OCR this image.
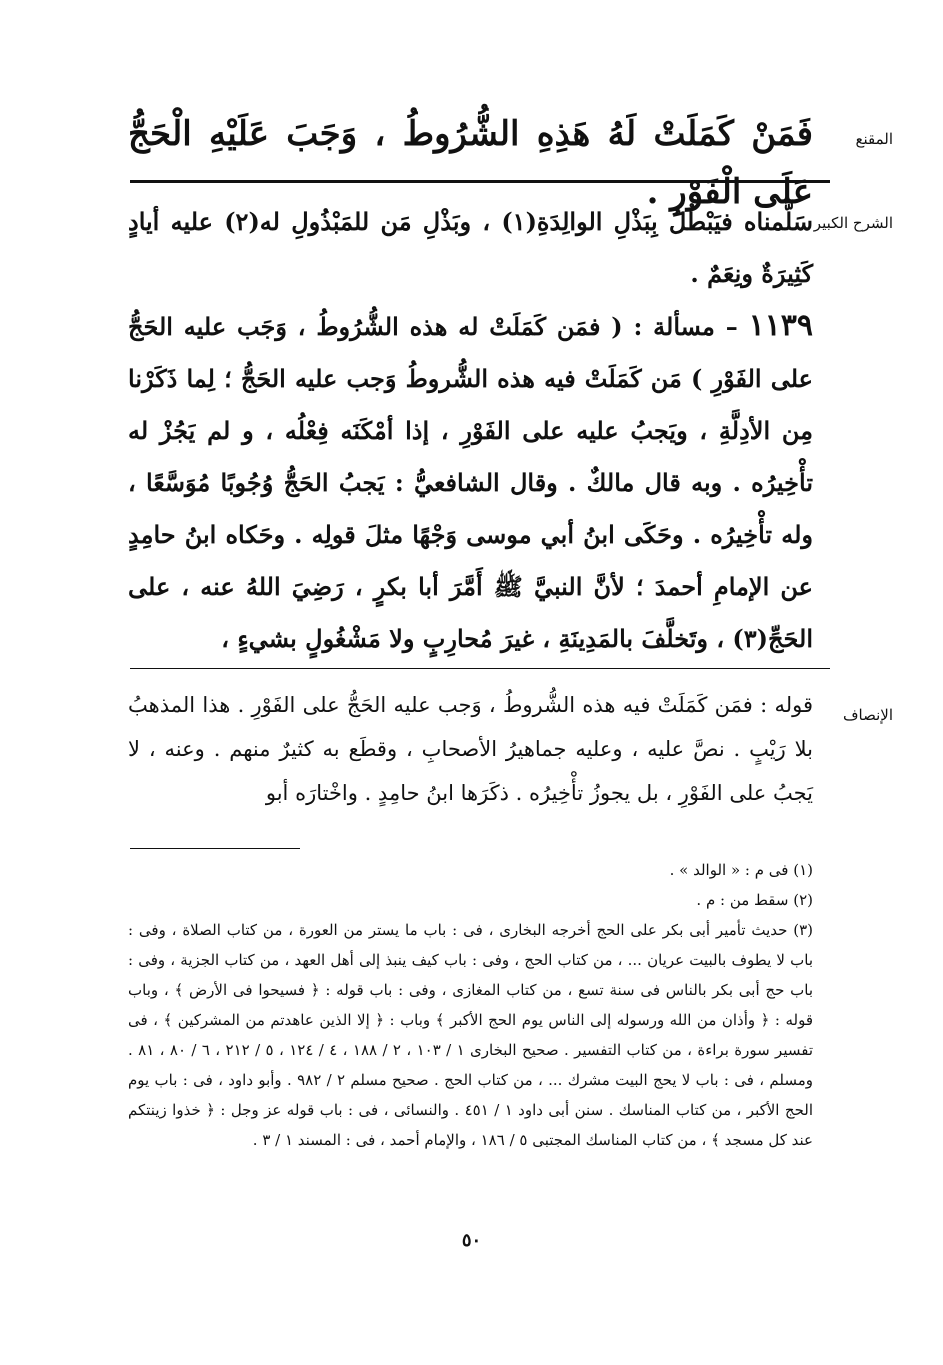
المقنع

فَمَنْ كَمَلَتْ لَهُ هَذِهِ الشُّرُوطُ ، وَجَبَ عَلَيْهِ الْحَجُّ عَلَى الْفَوْرِ .

الشرح الكبير

سَلَّمناه فيَبْطُلُ بِبَذْلِ الوالِدَةِ(١) ، وبَذْلِ مَن للمَبْذُولِ له(٢) عليه أيادٍ كَثِيرَةٌ ونِعَمٌ .

١١٣٩ – مسألة : ( فمَن كَمَلَتْ له هذه الشُّرُوطُ ، وَجَب عليه الحَجُّ على الفَوْرِ ) مَن كَمَلَتْ فيه هذه الشُّروطُ وَجب عليه الحَجُّ ؛ لِما ذَكَرْنا مِن الأدِلَّةِ ، ويَجبُ عليه على الفَوْرِ ، إذا أمْكَنَه فِعْلُه ، و لم يَجُزْ له تأْخِيرُه . وبه قال مالكٌ . وقال الشافعيُّ : يَجبُ الحَجُّ وُجُوبًا مُوَسَّعًا ، وله تأْخِيرُه . وحَكَى ابنُ أبي موسى وَجْهًا مثلَ قولِه . وحَكاه ابنُ حامِدٍ عن الإمامِ أحمدَ ؛ لأنَّ النبيَّ ﷺ أَمَّرَ أبا بكرٍ ، رَضِيَ اللهُ عنه ، على الحَجِّ(٣) ، وتَخلَّفَ بالمَدِينَةِ ، غيرَ مُحارِبٍ ولا مَشْغُولٍ بشيءٍ ،

الإنصاف

قوله : فمَن كَمَلَتْ فيه هذه الشُّروطُ ، وَجب عليه الحَجُّ على الفَوْرِ . هذا المذهبُ بلا رَيْبٍ . نصَّ عليه ، وعليه جماهيرُ الأصحابِ ، وقطَع به كثيرٌ منهم . وعنه ، لا يَجبُ على الفَوْرِ ، بل يجوزُ تأْخِيرُه . ذكَرَها ابنُ حامِدٍ . واخْتارَه أبو

(١) فى م : « الوالد » .

(٢) سقط من : م .

(٣) حديث تأمير أبى بكر على الحج أخرجه البخارى ، فى : باب ما يستر من العورة ، من كتاب الصلاة ، وفى : باب لا يطوف بالبيت عريان ... ، من كتاب الحج ، وفى : باب كيف ينبذ إلى أهل العهد ، من كتاب الجزية ، وفى : باب حج أبى بكر بالناس فى سنة تسع ، من كتاب المغازى ، وفى : باب قوله : ﴿ فسيحوا فى الأرض ﴾ ، وباب قوله : ﴿ وأذان من الله ورسوله إلى الناس يوم الحج الأكبر ﴾ وباب : ﴿ إلا الذين عاهدتم من المشركين ﴾ ، فى تفسير سورة براءة ، من كتاب التفسير . صحيح البخارى ١ / ١٠٣ ، ٢ / ١٨٨ ، ٤ / ١٢٤ ، ٥ / ٢١٢ ، ٦ / ٨٠ ، ٨١ . ومسلم ، فى : باب لا يحج البيت مشرك ... ، من كتاب الحج . صحيح مسلم ٢ / ٩٨٢ . وأبو داود ، فى : باب يوم الحج الأكبر ، من كتاب المناسك . سنن أبى داود ١ / ٤٥١ . والنسائى ، فى : باب قوله عز وجل : ﴿ خذوا زينتكم عند كل مسجد ﴾ ، من كتاب المناسك المجتبى ٥ / ١٨٦ ، والإمام أحمد ، فى : المسند ١ / ٣ .

٥٠
